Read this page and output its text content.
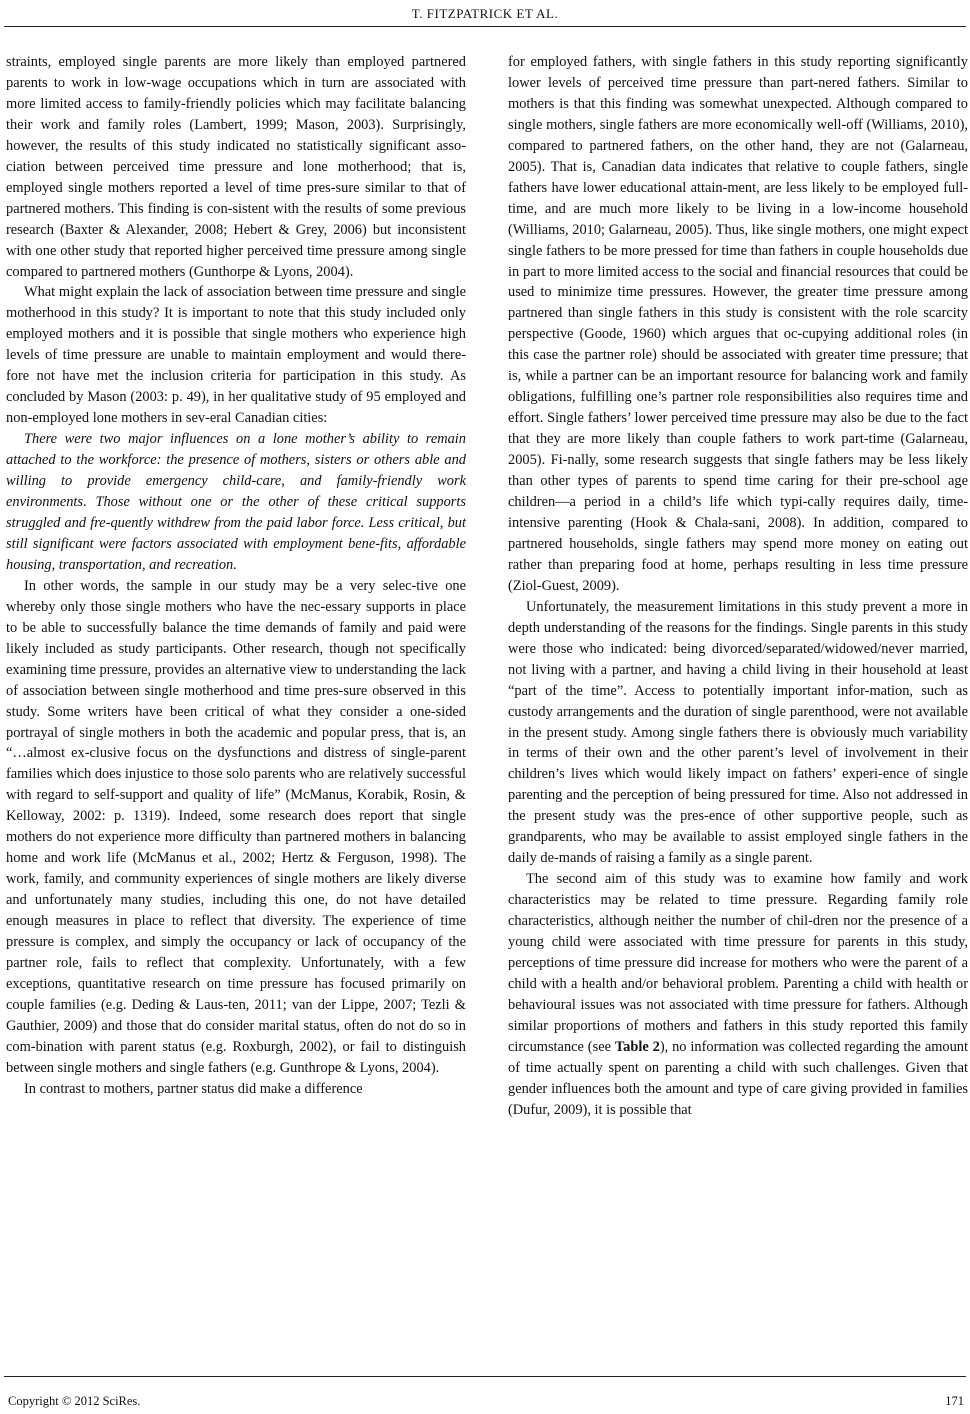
T. FITZPATRICK ET AL.

straints, employed single parents are more likely than employed partnered parents to work in low-wage occupations which in turn are associated with more limited access to family-friendly policies which may facilitate balancing their work and family roles (Lambert, 1999; Mason, 2003). Surprisingly, however, the results of this study indicated no statistically significant asso-ciation between perceived time pressure and lone motherhood; that is, employed single mothers reported a level of time pres-sure similar to that of partnered mothers. This finding is con-sistent with the results of some previous research (Baxter & Alexander, 2008; Hebert & Grey, 2006) but inconsistent with one other study that reported higher perceived time pressure among single compared to partnered mothers (Gunthorpe & Lyons, 2004).

What might explain the lack of association between time pressure and single motherhood in this study? It is important to note that this study included only employed mothers and it is possible that single mothers who experience high levels of time pressure are unable to maintain employment and would there-fore not have met the inclusion criteria for participation in this study. As concluded by Mason (2003: p. 49), in her qualitative study of 95 employed and non-employed lone mothers in sev-eral Canadian cities:

There were two major influences on a lone mother’s ability to remain attached to the workforce: the presence of mothers, sisters or others able and willing to provide emergency child-care, and family-friendly work environments. Those without one or the other of these critical supports struggled and fre-quently withdrew from the paid labor force. Less critical, but still significant were factors associated with employment bene-fits, affordable housing, transportation, and recreation.

In other words, the sample in our study may be a very selec-tive one whereby only those single mothers who have the nec-essary supports in place to be able to successfully balance the time demands of family and paid were likely included as study participants. Other research, though not specifically examining time pressure, provides an alternative view to understanding the lack of association between single motherhood and time pres-sure observed in this study. Some writers have been critical of what they consider a one-sided portrayal of single mothers in both the academic and popular press, that is, an “…almost ex-clusive focus on the dysfunctions and distress of single-parent families which does injustice to those solo parents who are relatively successful with regard to self-support and quality of life” (McManus, Korabik, Rosin, & Kelloway, 2002: p. 1319). Indeed, some research does report that single mothers do not experience more difficulty than partnered mothers in balancing home and work life (McManus et al., 2002; Hertz & Ferguson, 1998). The work, family, and community experiences of single mothers are likely diverse and unfortunately many studies, including this one, do not have detailed enough measures in place to reflect that diversity. The experience of time pressure is complex, and simply the occupancy or lack of occupancy of the partner role, fails to reflect that complexity. Unfortunately, with a few exceptions, quantitative research on time pressure has focused primarily on couple families (e.g. Deding & Laus-ten, 2011; van der Lippe, 2007; Tezli & Gauthier, 2009) and those that do consider marital status, often do not do so in com-bination with parent status (e.g. Roxburgh, 2002), or fail to distinguish between single mothers and single fathers (e.g. Gunthrope & Lyons, 2004).

In contrast to mothers, partner status did make a difference

for employed fathers, with single fathers in this study reporting significantly lower levels of perceived time pressure than part-nered fathers. Similar to mothers is that this finding was somewhat unexpected. Although compared to single mothers, single fathers are more economically well-off (Williams, 2010), compared to partnered fathers, on the other hand, they are not (Galarneau, 2005). That is, Canadian data indicates that relative to couple fathers, single fathers have lower educational attain-ment, are less likely to be employed full-time, and are much more likely to be living in a low-income household (Williams, 2010; Galarneau, 2005). Thus, like single mothers, one might expect single fathers to be more pressed for time than fathers in couple households due in part to more limited access to the social and financial resources that could be used to minimize time pressures. However, the greater time pressure among partnered than single fathers in this study is consistent with the role scarcity perspective (Goode, 1960) which argues that oc-cupying additional roles (in this case the partner role) should be associated with greater time pressure; that is, while a partner can be an important resource for balancing work and family obligations, fulfilling one’s partner role responsibilities also requires time and effort. Single fathers’ lower perceived time pressure may also be due to the fact that they are more likely than couple fathers to work part-time (Galarneau, 2005). Fi-nally, some research suggests that single fathers may be less likely than other types of parents to spend time caring for their pre-school age children—a period in a child’s life which typi-cally requires daily, time-intensive parenting (Hook & Chala-sani, 2008). In addition, compared to partnered households, single fathers may spend more money on eating out rather than preparing food at home, perhaps resulting in less time pressure (Ziol-Guest, 2009).

Unfortunately, the measurement limitations in this study prevent a more in depth understanding of the reasons for the findings. Single parents in this study were those who indicated: being divorced/separated/widowed/never married, not living with a partner, and having a child living in their household at least “part of the time”. Access to potentially important infor-mation, such as custody arrangements and the duration of single parenthood, were not available in the present study. Among single fathers there is obviously much variability in terms of their own and the other parent’s level of involvement in their children’s lives which would likely impact on fathers’ experi-ence of single parenting and the perception of being pressured for time. Also not addressed in the present study was the pres-ence of other supportive people, such as grandparents, who may be available to assist employed single fathers in the daily de-mands of raising a family as a single parent.

The second aim of this study was to examine how family and work characteristics may be related to time pressure. Regarding family role characteristics, although neither the number of chil-dren nor the presence of a young child were associated with time pressure for parents in this study, perceptions of time pressure did increase for mothers who were the parent of a child with a health and/or behavioral problem. Parenting a child with health or behavioural issues was not associated with time pressure for fathers. Although similar proportions of mothers and fathers in this study reported this family circumstance (see Table 2), no information was collected regarding the amount of time actually spent on parenting a child with such challenges. Given that gender influences both the amount and type of care giving provided in families (Dufur, 2009), it is possible that

Copyright © 2012 SciRes.	171
